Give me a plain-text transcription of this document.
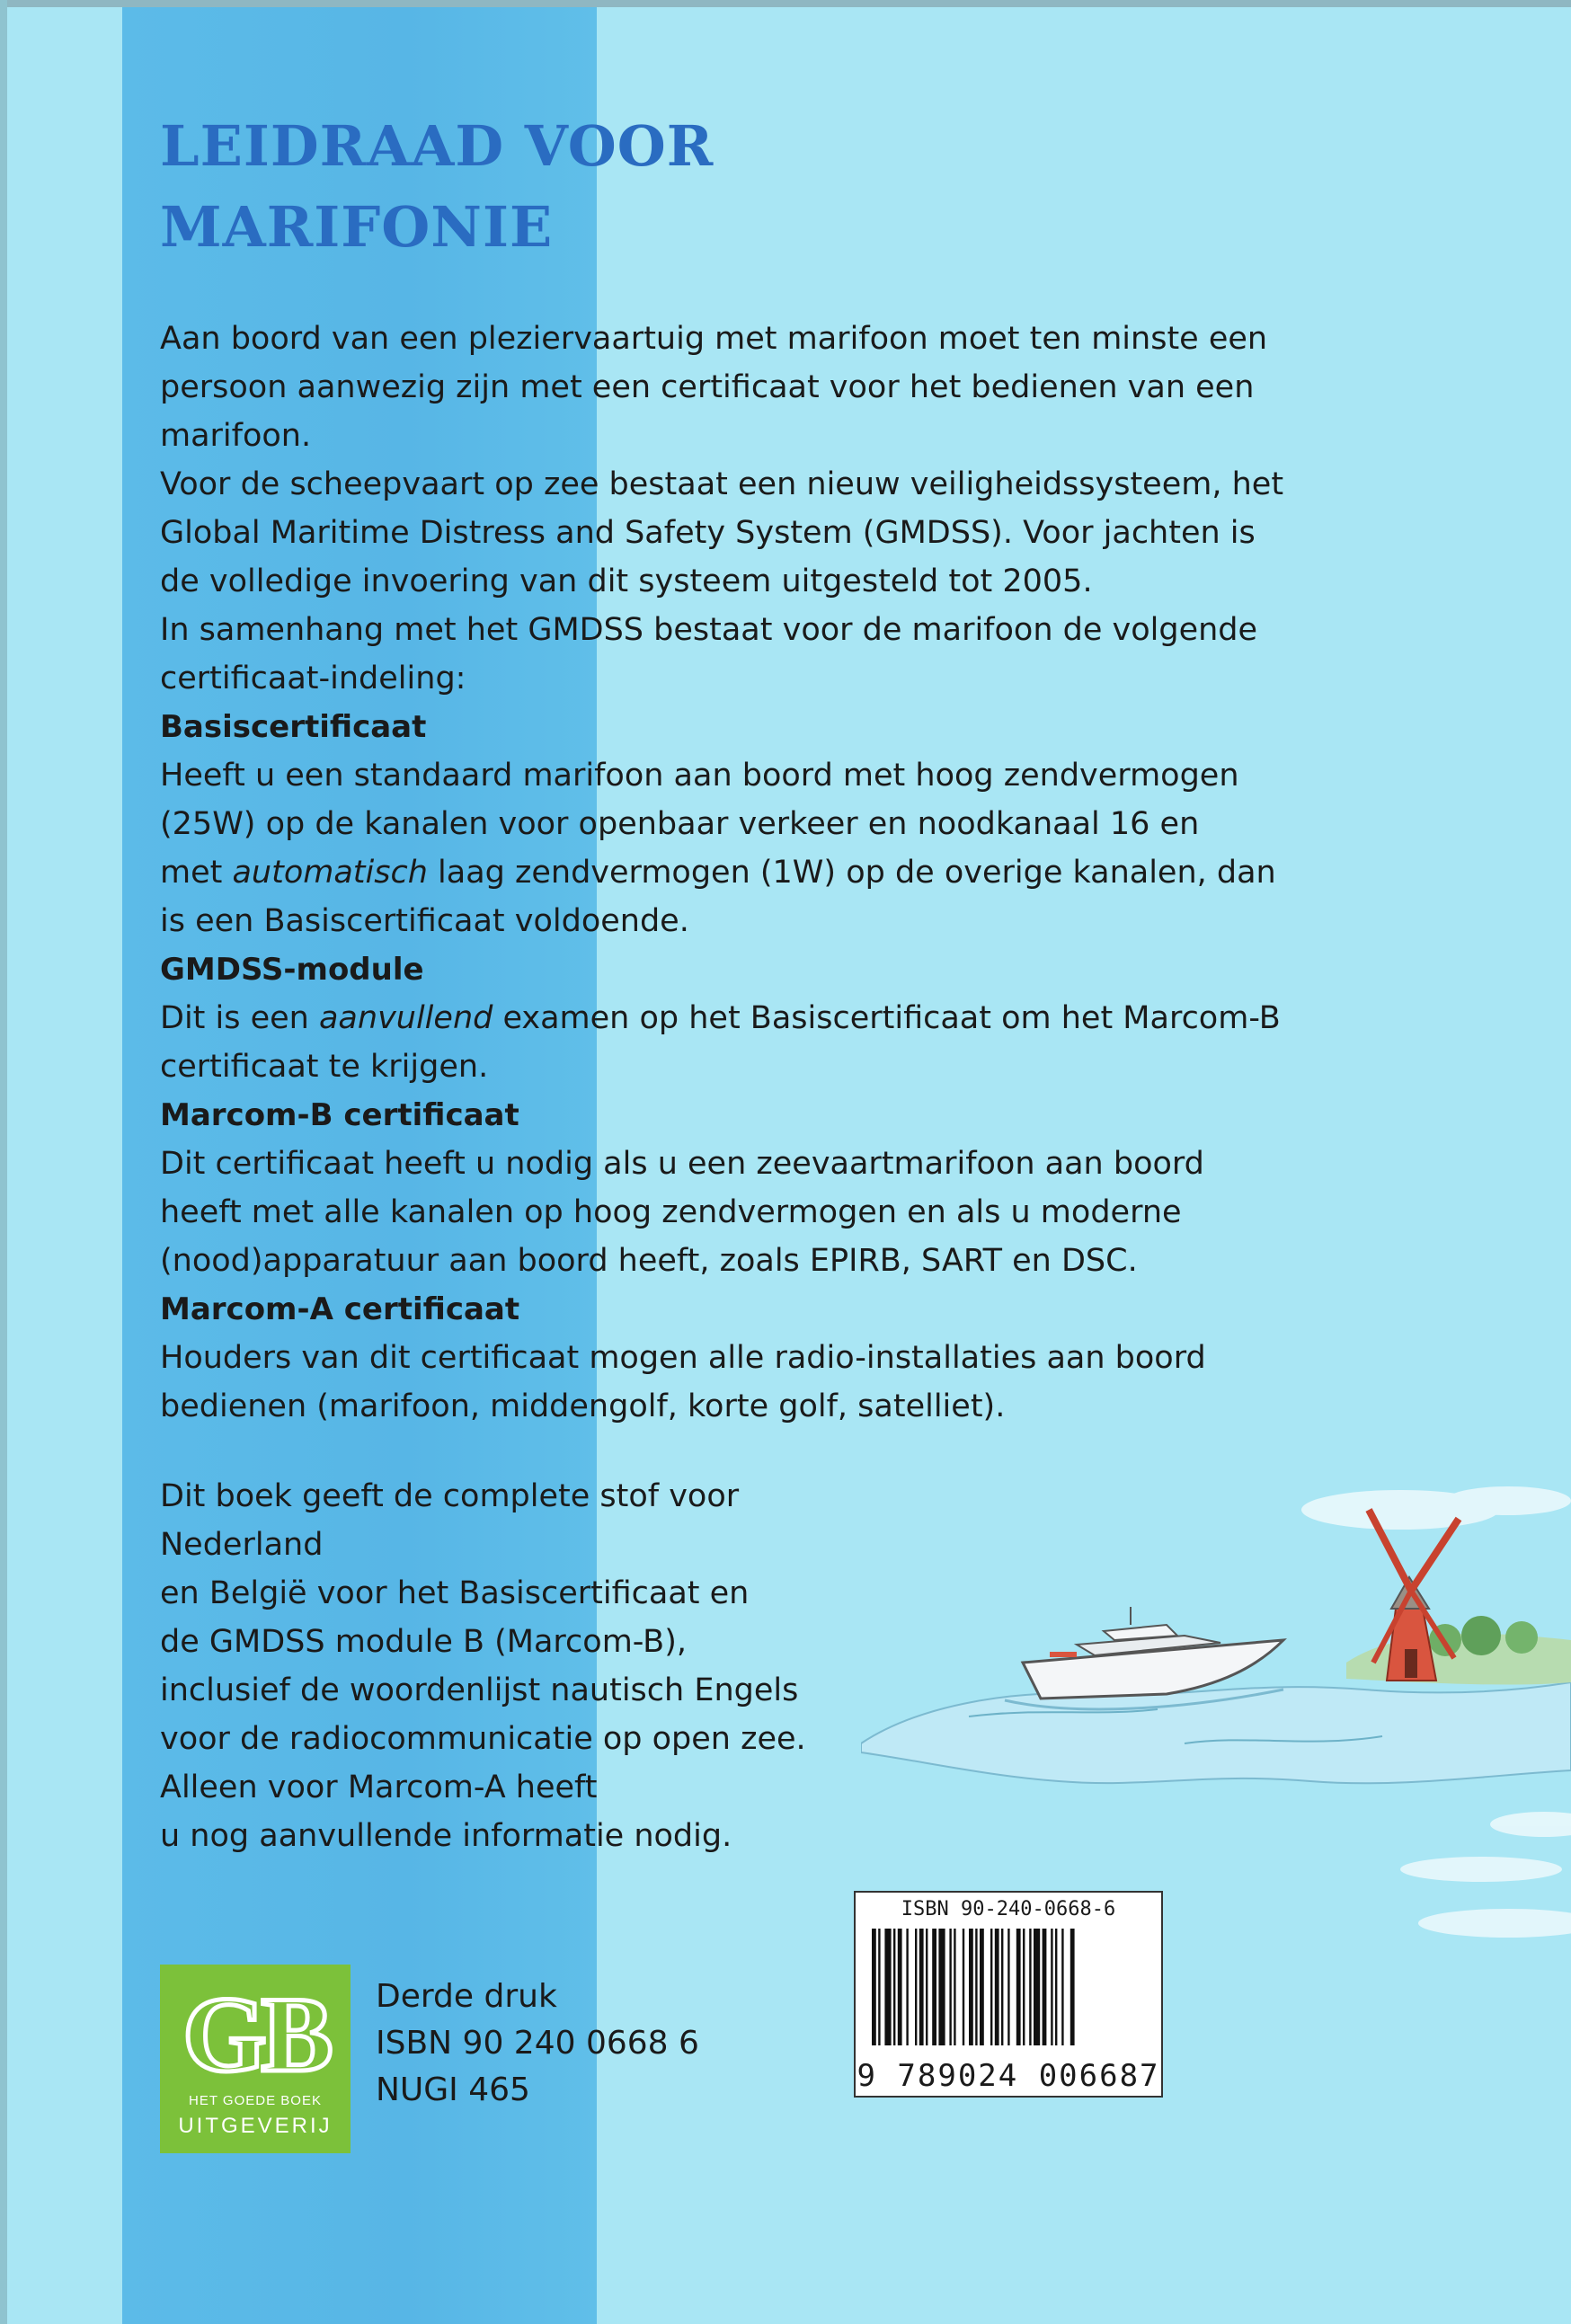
LEIDRAAD VOOR
MARIFONIE

Aan boord van een pleziervaartuig met marifoon moet ten minste een

persoon aanwezig zijn met een certificaat voor het bedienen van een

marifoon.

Voor de scheepvaart op zee bestaat een nieuw veiligheidssysteem, het

Global Maritime Distress and Safety System (GMDSS). Voor jachten is

de volledige invoering van dit systeem uitgesteld tot 2005.

In samenhang met het GMDSS bestaat voor de marifoon de volgende

certificaat-indeling:

Basiscertificaat

Heeft u een standaard marifoon aan boord met hoog zendvermogen

(25W) op de kanalen voor openbaar verkeer en noodkanaal 16 en

met automatisch laag zendvermogen (1W) op de overige kanalen, dan

is een Basiscertificaat voldoende.

GMDSS-module

Dit is een aanvullend examen op het Basiscertificaat om het Marcom-B

certificaat te krijgen.

Marcom-B certificaat

Dit certificaat heeft u nodig als u een zeevaartmarifoon aan boord

heeft met alle kanalen op hoog zendvermogen en als u moderne

(nood)apparatuur aan boord heeft, zoals EPIRB, SART en DSC.

Marcom-A certificaat

Houders van dit certificaat mogen alle radio-installaties aan boord

bedienen (marifoon, middengolf, korte golf, satelliet).

Dit boek geeft de complete stof voor Nederland
en België voor het Basiscertificaat en
de GMDSS module B (Marcom-B),
inclusief de woordenlijst nautisch Engels
voor de radiocommunicatie op open zee.
Alleen voor Marcom-A heeft
u nog aanvullende informatie nodig.
GB
HET GOEDE BOEK
UITGEVERIJ
Derde druk
ISBN 90 240 0668 6
NUGI 465
ISBN 90-240-0668-6
9 789024 006687
